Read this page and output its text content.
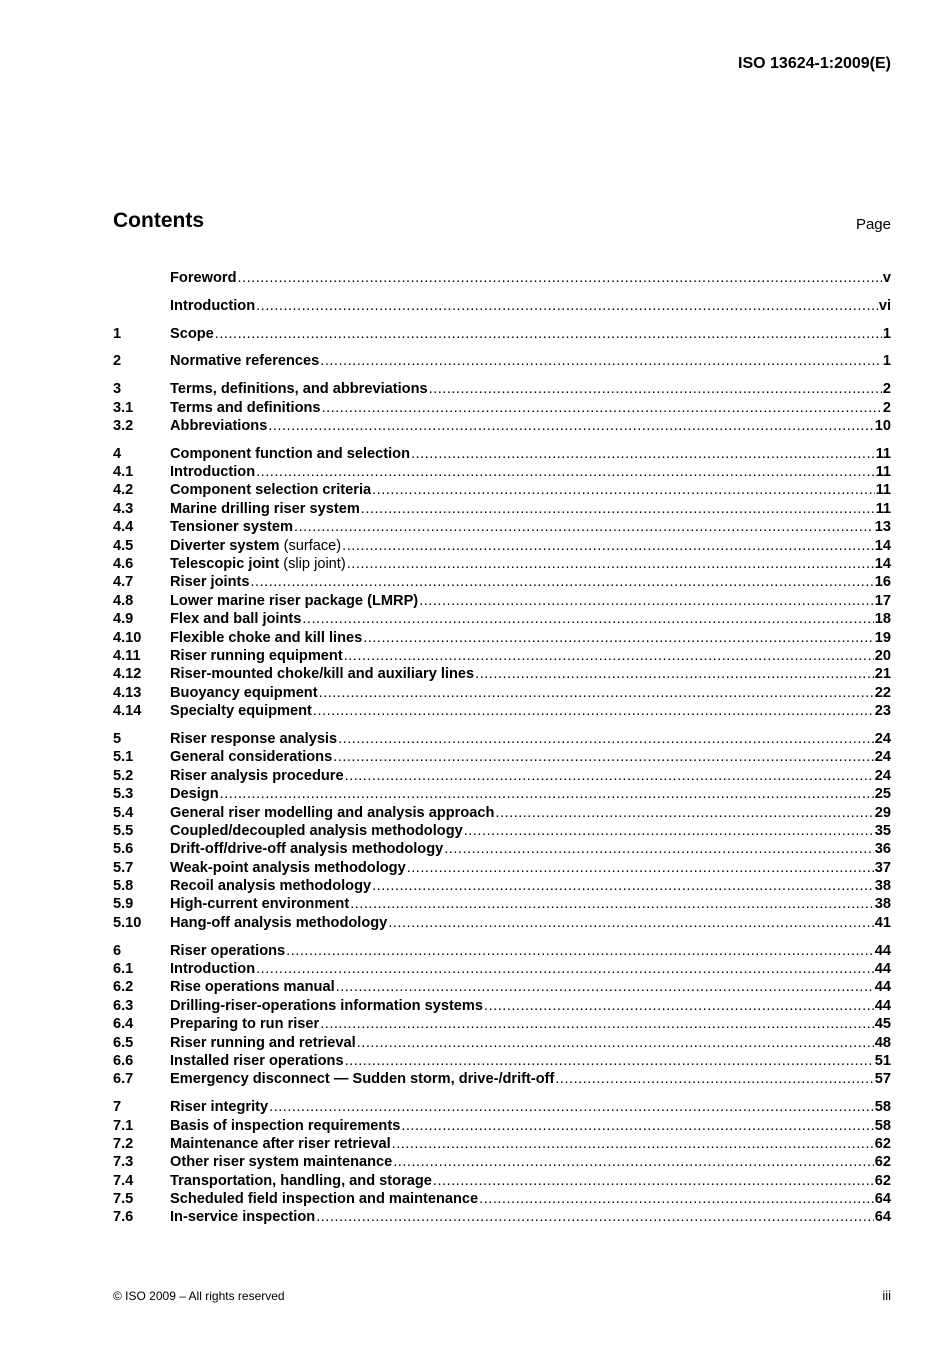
ISO 13624-1:2009(E)
Contents	Page
Foreword .....	v
Introduction .....	vi
1	Scope .....	1
2	Normative references .....	1
3	Terms, definitions, and abbreviations .....	2
3.1	Terms and definitions .....	2
3.2	Abbreviations .....	10
4	Component function and selection .....	11
4.1	Introduction .....	11
4.2	Component selection criteria .....	11
4.3	Marine drilling riser system .....	11
4.4	Tensioner system .....	13
4.5	Diverter system (surface) .....	14
4.6	Telescopic joint (slip joint) .....	14
4.7	Riser joints .....	16
4.8	Lower marine riser package (LMRP) .....	17
4.9	Flex and ball joints .....	18
4.10	Flexible choke and kill lines .....	19
4.11	Riser running equipment .....	20
4.12	Riser-mounted choke/kill and auxiliary lines .....	21
4.13	Buoyancy equipment .....	22
4.14	Specialty equipment .....	23
5	Riser response analysis .....	24
5.1	General considerations .....	24
5.2	Riser analysis procedure .....	24
5.3	Design .....	25
5.4	General riser modelling and analysis approach .....	29
5.5	Coupled/decoupled analysis methodology .....	35
5.6	Drift-off/drive-off analysis methodology .....	36
5.7	Weak-point analysis methodology .....	37
5.8	Recoil analysis methodology .....	38
5.9	High-current environment .....	38
5.10	Hang-off analysis methodology .....	41
6	Riser operations .....	44
6.1	Introduction .....	44
6.2	Rise operations manual .....	44
6.3	Drilling-riser-operations information systems .....	44
6.4	Preparing to run riser .....	45
6.5	Riser running and retrieval .....	48
6.6	Installed riser operations .....	51
6.7	Emergency disconnect — Sudden storm, drive-/drift-off .....	57
7	Riser integrity .....	58
7.1	Basis of inspection requirements .....	58
7.2	Maintenance after riser retrieval .....	62
7.3	Other riser system maintenance .....	62
7.4	Transportation, handling, and storage .....	62
7.5	Scheduled field inspection and maintenance .....	64
7.6	In-service inspection .....	64
© ISO 2009 – All rights reserved	iii
